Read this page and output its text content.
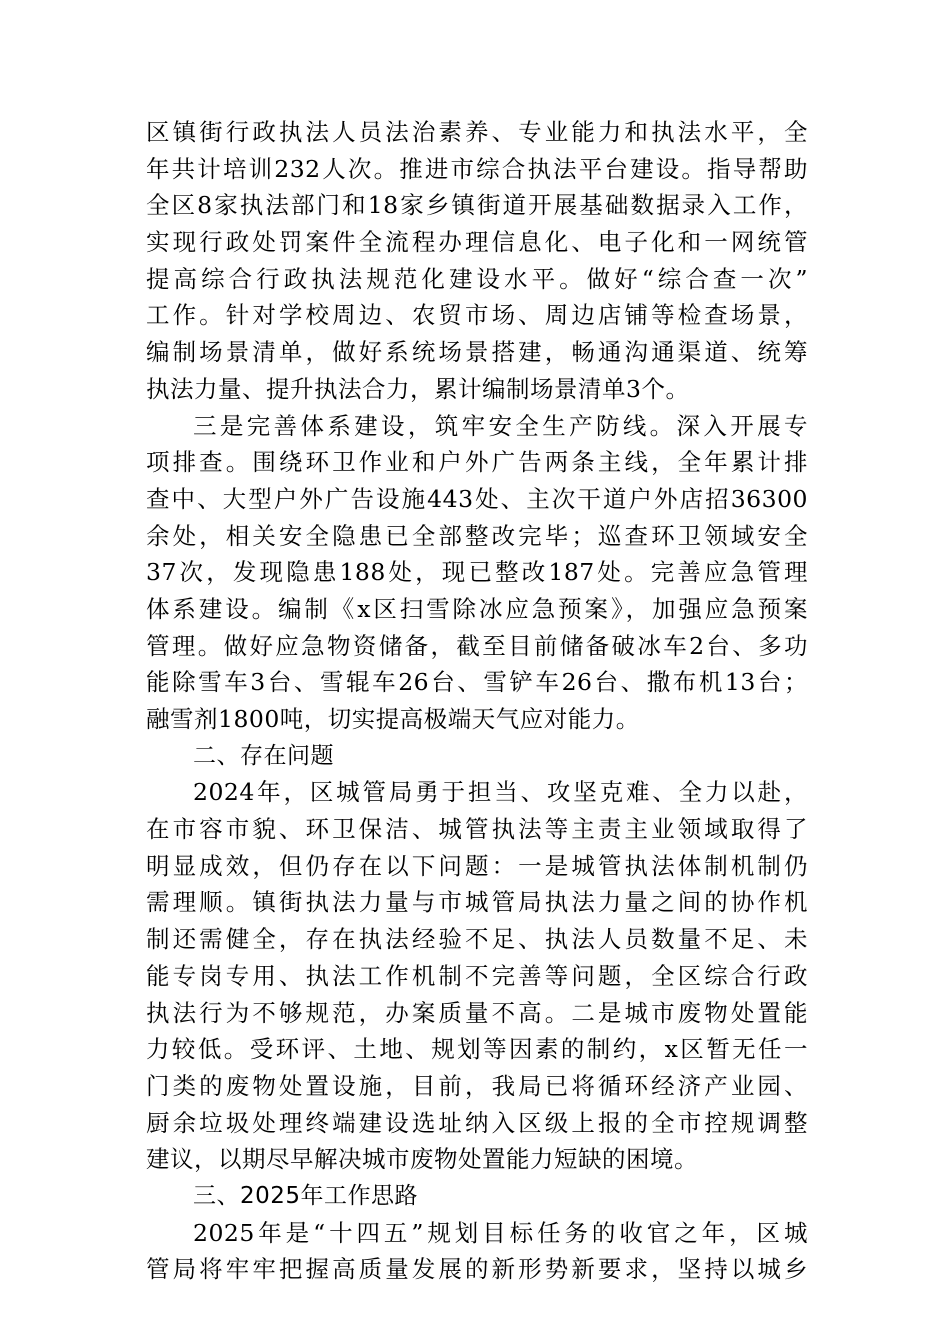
区镇街行政执法人员法治素养、专业能力和执法水平，全
年共计培训232人次。推进市综合执法平台建设。指导帮助
全区8家执法部门和18家乡镇街道开展基础数据录入工作，
实现行政处罚案件全流程办理信息化、电子化和一网统管
提高综合行政执法规范化建设水平。做好“综合查一次”
工作。针对学校周边、农贸市场、周边店铺等检查场景，
编制场景清单，做好系统场景搭建，畅通沟通渠道、统筹
执法力量、提升执法合力，累计编制场景清单3个。
三是完善体系建设，筑牢安全生产防线。深入开展专
项排查。围绕环卫作业和户外广告两条主线，全年累计排
查中、大型户外广告设施443处、主次干道户外店招36300
余处，相关安全隐患已全部整改完毕；巡查环卫领域安全
37次，发现隐患188处，现已整改187处。完善应急管理
体系建设。编制《x区扫雪除冰应急预案》，加强应急预案
管理。做好应急物资储备，截至目前储备破冰车2台、多功
能除雪车3台、雪辊车26台、雪铲车26台、撒布机13台；
融雪剂1800吨，切实提高极端天气应对能力。
二、存在问题
2024年，区城管局勇于担当、攻坚克难、全力以赴，
在市容市貌、环卫保洁、城管执法等主责主业领域取得了
明显成效，但仍存在以下问题：一是城管执法体制机制仍
需理顺。镇街执法力量与市城管局执法力量之间的协作机
制还需健全，存在执法经验不足、执法人员数量不足、未
能专岗专用、执法工作机制不完善等问题，全区综合行政
执法行为不够规范，办案质量不高。二是城市废物处置能
力较低。受环评、土地、规划等因素的制约，x区暂无任一
门类的废物处置设施，目前，我局已将循环经济产业园、
厨余垃圾处理终端建设选址纳入区级上报的全市控规调整
建议，以期尽早解决城市废物处置能力短缺的困境。
三、2025年工作思路
2025年是“十四五”规划目标任务的收官之年，区城
管局将牢牢把握高质量发展的新形势新要求，坚持以城乡
